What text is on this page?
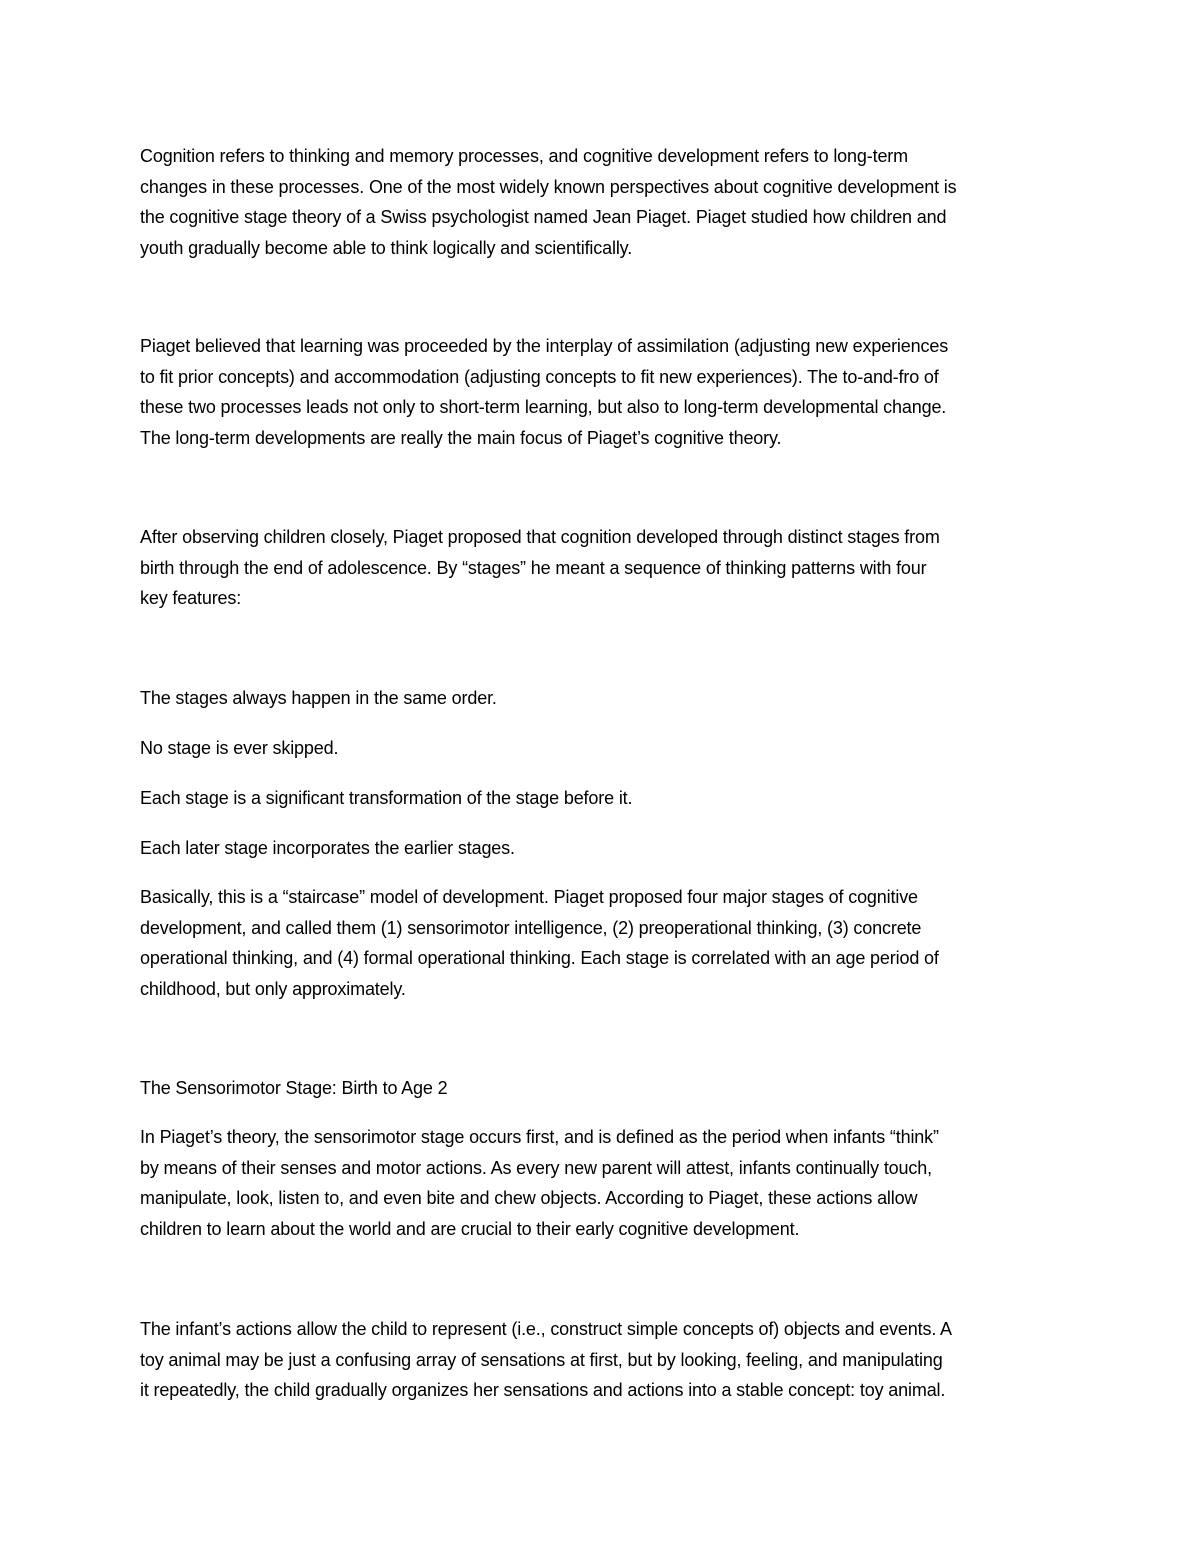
Cognition refers to thinking and memory processes, and cognitive development refers to long-term
changes in these processes. One of the most widely known perspectives about cognitive development is
the cognitive stage theory of a Swiss psychologist named Jean Piaget. Piaget studied how children and
youth gradually become able to think logically and scientifically.

Piaget believed that learning was proceeded by the interplay of assimilation (adjusting new experiences
to fit prior concepts) and accommodation (adjusting concepts to fit new experiences). The to-and-fro of
these two processes leads not only to short-term learning, but also to long-term developmental change.
The long-term developments are really the main focus of Piaget’s cognitive theory.

After observing children closely, Piaget proposed that cognition developed through distinct stages from
birth through the end of adolescence. By “stages” he meant a sequence of thinking patterns with four
key features:

The stages always happen in the same order.

No stage is ever skipped.

Each stage is a significant transformation of the stage before it.

Each later stage incorporates the earlier stages.

Basically, this is a “staircase” model of development. Piaget proposed four major stages of cognitive
development, and called them (1) sensorimotor intelligence, (2) preoperational thinking, (3) concrete
operational thinking, and (4) formal operational thinking. Each stage is correlated with an age period of
childhood, but only approximately.

The Sensorimotor Stage: Birth to Age 2

In Piaget’s theory, the sensorimotor stage occurs first, and is defined as the period when infants “think”
by means of their senses and motor actions. As every new parent will attest, infants continually touch,
manipulate, look, listen to, and even bite and chew objects. According to Piaget, these actions allow
children to learn about the world and are crucial to their early cognitive development.

The infant’s actions allow the child to represent (i.e., construct simple concepts of) objects and events. A
toy animal may be just a confusing array of sensations at first, but by looking, feeling, and manipulating
it repeatedly, the child gradually organizes her sensations and actions into a stable concept: toy animal.
